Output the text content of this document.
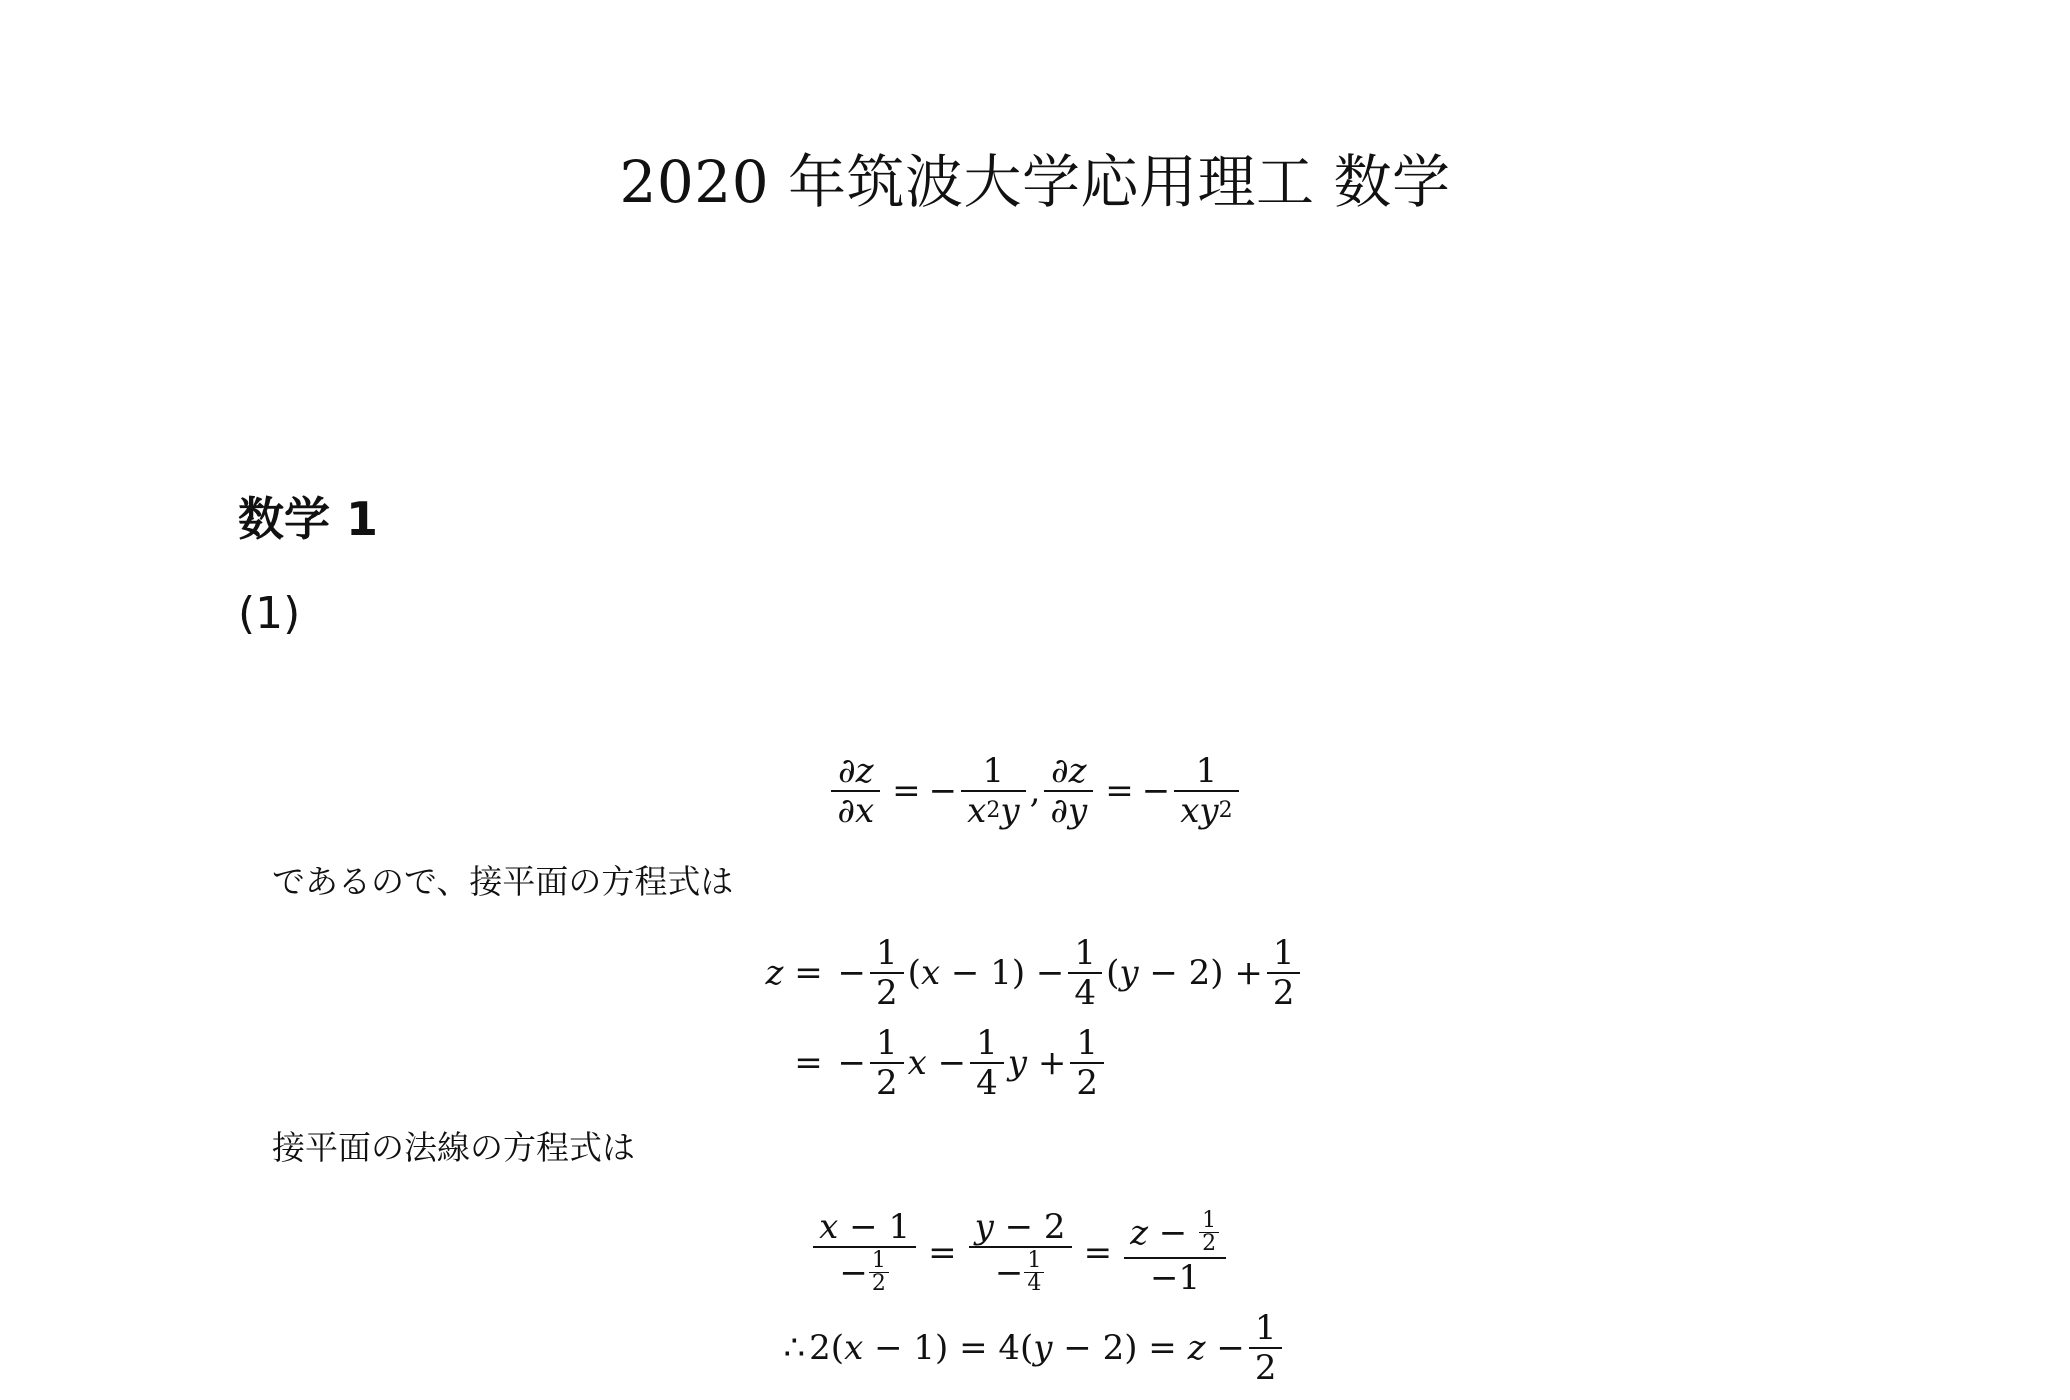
2020 年筑波大学応用理工 数学
数学 1
(1)
$\frac{\partial z}{\partial x}$ = − $\frac{1}{x 2 y}$ , $\frac{\partial z}{\partial y}$ = − $\frac{1}{xy 2}$
であるので、接平面の方程式は
z = − $\frac{1}{2} (x - 1) - \frac{1}{4} (y - 2) + \frac{1}{2}$
= − $\frac{1}{2}$ $x - \frac{1}{4}$ $y + \frac{1}{2}$
接平面の法線の方程式は
$\frac{x - 1}{- \frac{1}{2}} = \frac{y - 2}{- \frac{1}{4}} = \frac{z - \frac{1}{2}}{-1}$
∴ $2(x - 1) = 4(y - 2) = z - \frac{1}{2}$
